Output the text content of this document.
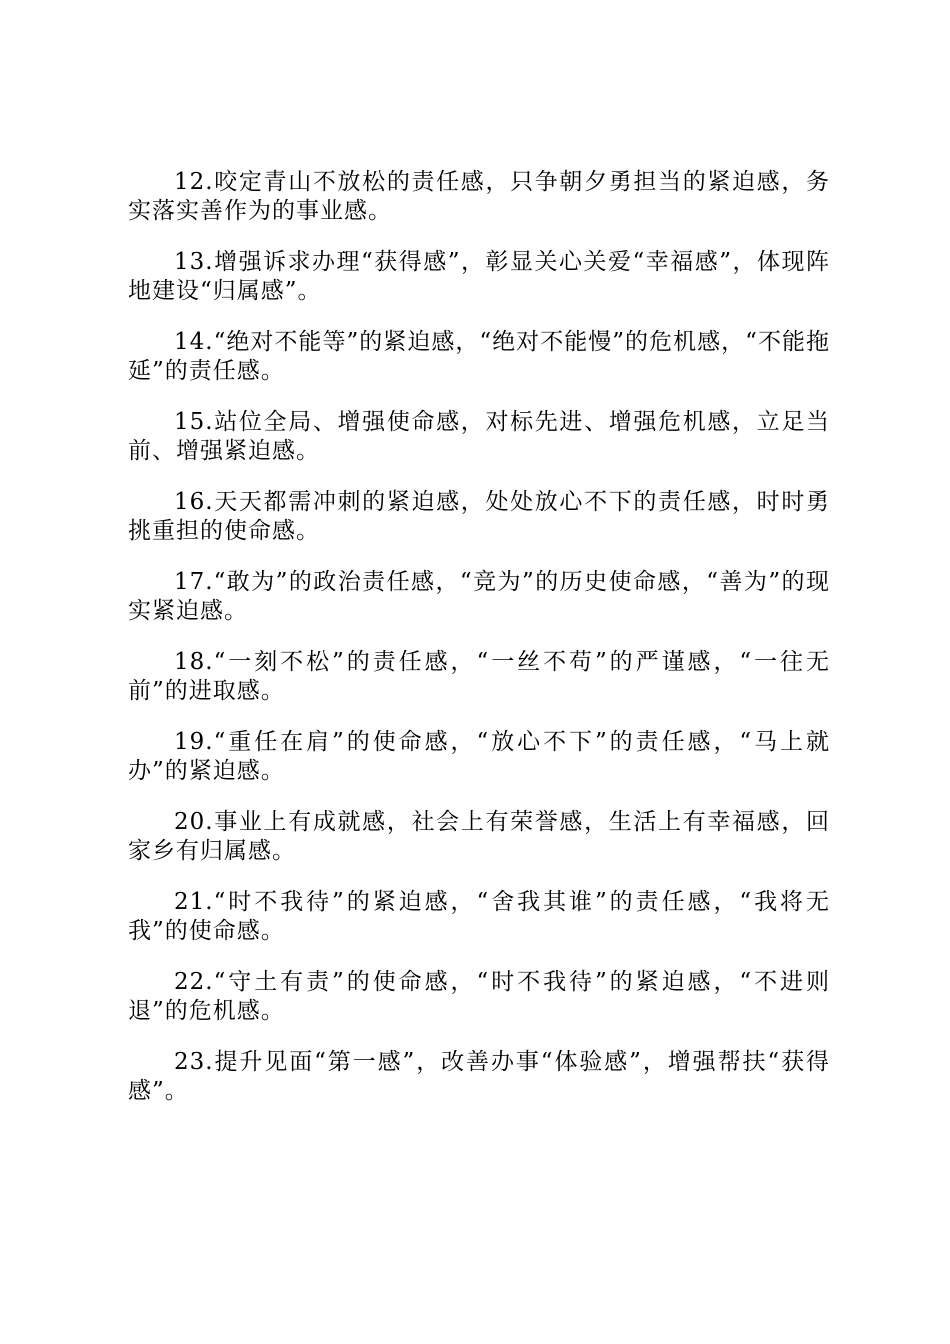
12.咬定青山不放松的责任感，只争朝夕勇担当的紧迫感，务实落实善作为的事业感。

13.增强诉求办理“获得感”，彰显关心关爱“幸福感”，体现阵地建设“归属感”。

14.“绝对不能等”的紧迫感，“绝对不能慢”的危机感，“不能拖延”的责任感。

15.站位全局、增强使命感，对标先进、增强危机感，立足当前、增强紧迫感。

16.天天都需冲刺的紧迫感，处处放心不下的责任感，时时勇挑重担的使命感。

17.“敢为”的政治责任感，“竞为”的历史使命感，“善为”的现实紧迫感。

18.“一刻不松”的责任感，“一丝不苟”的严谨感，“一往无前”的进取感。

19.“重任在肩”的使命感，“放心不下”的责任感，“马上就办”的紧迫感。

20.事业上有成就感，社会上有荣誉感，生活上有幸福感，回家乡有归属感。

21.“时不我待”的紧迫感，“舍我其谁”的责任感，“我将无我”的使命感。

22.“守土有责”的使命感，“时不我待”的紧迫感，“不进则退”的危机感。

23.提升见面“第一感”，改善办事“体验感”，增强帮扶“获得感”。
